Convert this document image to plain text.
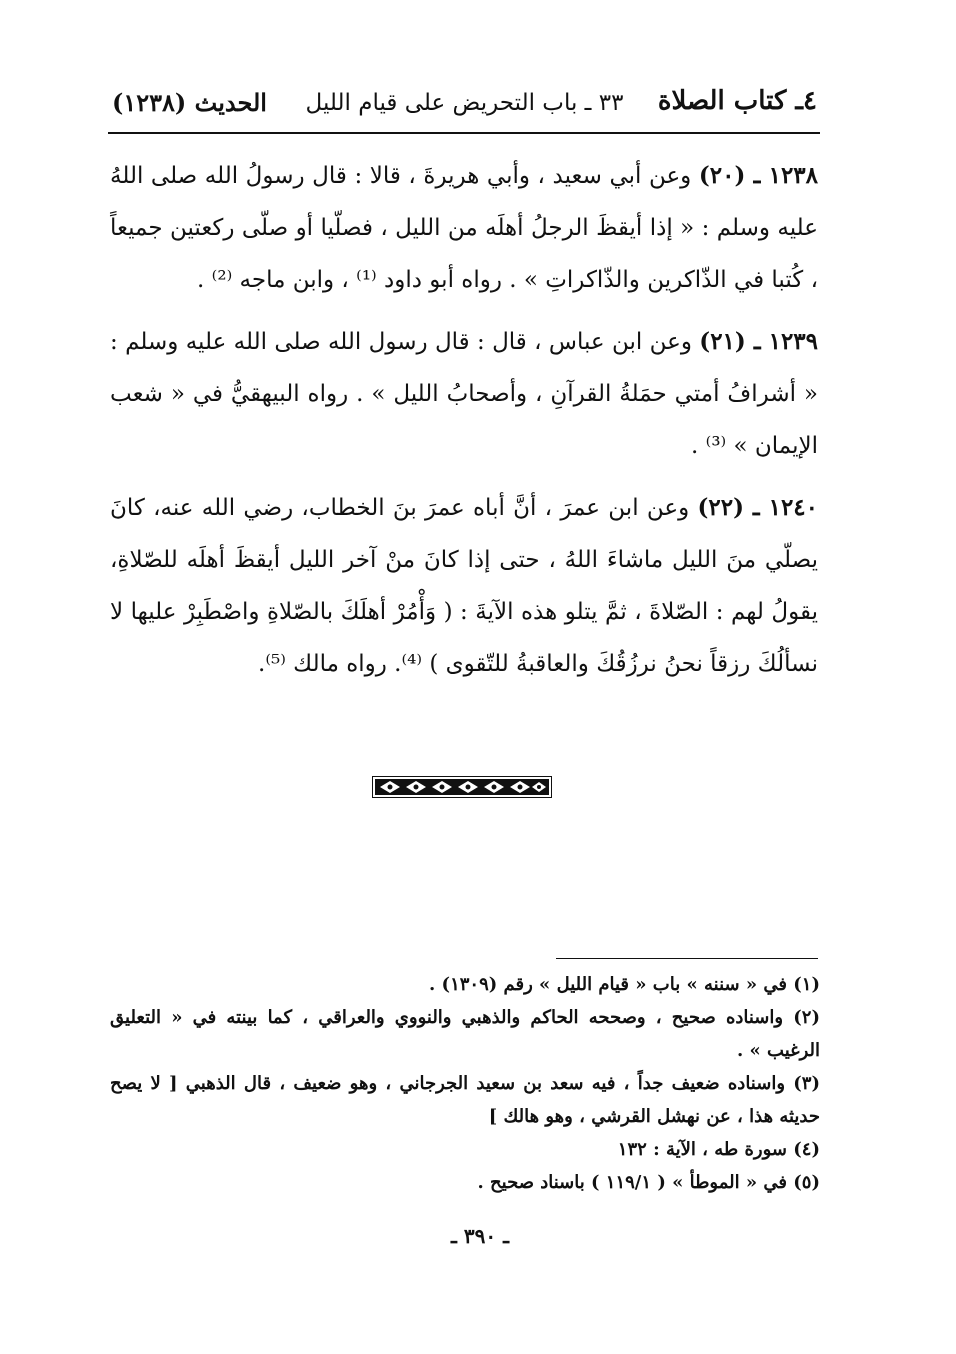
٤ـ كتاب الصلاة
٣٣ ـ باب التحريض على قيام الليل
الحديث (١٢٣٨)

١٢٣٨ ـ (٢٠) وعن أبي سعيد ، وأبي هريرةَ ، قالا : قال رسولُ الله صلى اللهُ عليه وسلم : « إذا أيقظَ الرجلُ أهلَه من الليل ، فصلّيا أو صلّى ركعتين جميعاً ، كُتبا في الذّاكرين والذّاكراتِ » . رواه أبو داود ⁽¹⁾ ، وابن ماجه ⁽²⁾ .

١٢٣٩ ـ (٢١) وعن ابن عباس ، قال : قال رسول الله صلى الله عليه وسلم : « أشرافُ أمتي حمَلةُ القرآنِ ، وأصحابُ الليل » . رواه البيهقيُّ في « شعب الإيمان » ⁽³⁾ .

١٢٤٠ ـ (٢٢) وعن ابن عمرَ ، أنَّ أباه عمرَ بنَ الخطاب، رضي الله عنه، كانَ يصلّي منَ الليل ماشاءَ اللهُ ، حتى إذا كانَ منْ آخر الليل أيقظَ أهلَه للصّلاةِ، يقولُ لهم : الصّلاةَ ، ثمَّ يتلو هذه الآيةَ : ( وَأْمُرْ أهلَكَ بالصّلاةِ واصْطَبِرْ عليها لا نسألُكَ رزقاً نحنُ نرزُقُكَ والعاقبةُ للتّقوى ) ⁽⁴⁾. رواه مالك ⁽⁵⁾.

(١) في « سننه » باب « قيام الليل » رقم (١٣٠٩) .

(٢) واسناده صحيح ، وصححه الحاكم والذهبي والنووي والعراقي ، كما بينته في « التعليق الرغيب » .

(٣) واسناده ضعيف جداً ، فيه سعد بن سعيد الجرجاني ، وهو ضعيف ، قال الذهبي [ لا يصح حديثه هذا ، عن نهشل القرشي ، وهو هالك ]

(٤) سورة طه ، الآية : ١٣٢

(٥) في « الموطأ » ( ١١٩/١ ) باسناد صحيح .

ـ ٣٩٠ ـ
